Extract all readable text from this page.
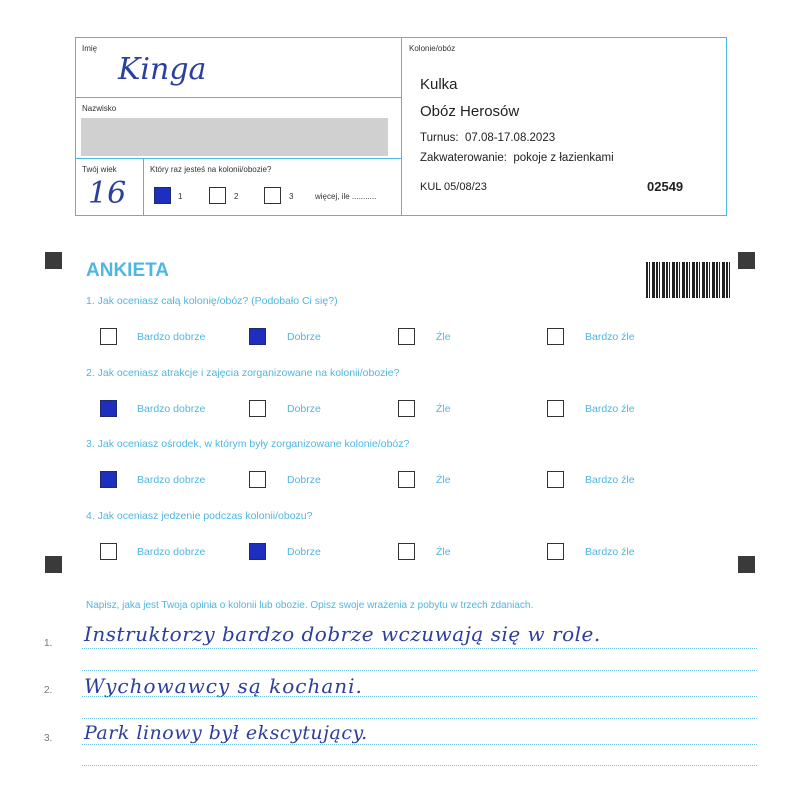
Imię
Kinga
Nazwisko
Twój wiek
16
Który raz jesteś na kolonii/obozie?
1	2	3	więcej, ile ...........
Kolonie/obóz
Kulka
Obóz Herosów
Turnus: 07.08-17.08.2023
Zakwaterowanie: pokoje z łazienkami
KUL 05/08/23	02549
ANKIETA
1. Jak oceniasz całą kolonię/obóz? (Podobało Ci się?)
Bardzo dobrze	Dobrze	Źle	Bardzo źle
2. Jak oceniasz atrakcje i zajęcia zorganizowane na kolonii/obozie?
Bardzo dobrze	Dobrze	Źle	Bardzo źle
3. Jak oceniasz ośrodek, w którym były zorganizowane kolonie/obóz?
Bardzo dobrze	Dobrze	Źle	Bardzo źle
4. Jak oceniasz jedzenie podczas kolonii/obozu?
Bardzo dobrze	Dobrze	Źle	Bardzo źle
Napisz, jaka jest Twoja opinia o kolonii lub obozie. Opisz swoje wrażenia z pobytu w trzech zdaniach.
1. Instruktorzy bardzo dobrze wczuwają się w role.
2. Wychowawcy są kochani.
3. Park linowy był ekscytujący.
